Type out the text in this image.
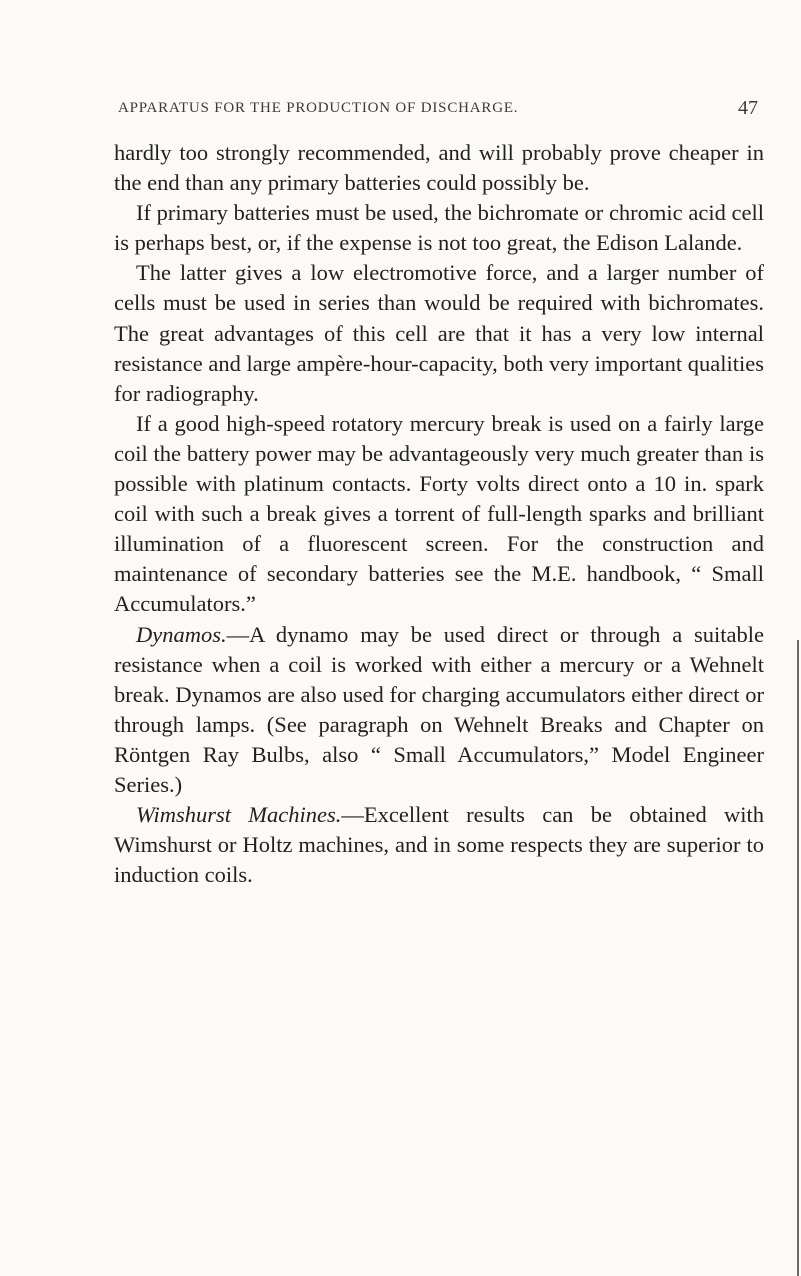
APPARATUS FOR THE PRODUCTION OF DISCHARGE.	47

hardly too strongly recommended, and will probably prove cheaper in the end than any primary batteries could possibly be.

If primary batteries must be used, the bichromate or chromic acid cell is perhaps best, or, if the expense is not too great, the Edison Lalande.

The latter gives a low electromotive force, and a larger number of cells must be used in series than would be required with bichromates. The great advantages of this cell are that it has a very low internal resistance and large ampère-hour-capacity, both very important qualities for radiography.

If a good high-speed rotatory mercury break is used on a fairly large coil the battery power may be advantageously very much greater than is possible with platinum contacts. Forty volts direct onto a 10 in. spark coil with such a break gives a torrent of full-length sparks and brilliant illumination of a fluorescent screen. For the construction and maintenance of secondary batteries see the M.E. handbook, “ Small Accumulators.”

Dynamos.—A dynamo may be used direct or through a suitable resistance when a coil is worked with either a mercury or a Wehnelt break. Dynamos are also used for charging accumulators either direct or through lamps. (See paragraph on Wehnelt Breaks and Chapter on Röntgen Ray Bulbs, also “ Small Accumulators,” Model Engineer Series.)

Wimshurst Machines.—Excellent results can be obtained with Wimshurst or Holtz machines, and in some respects they are superior to induction coils.
